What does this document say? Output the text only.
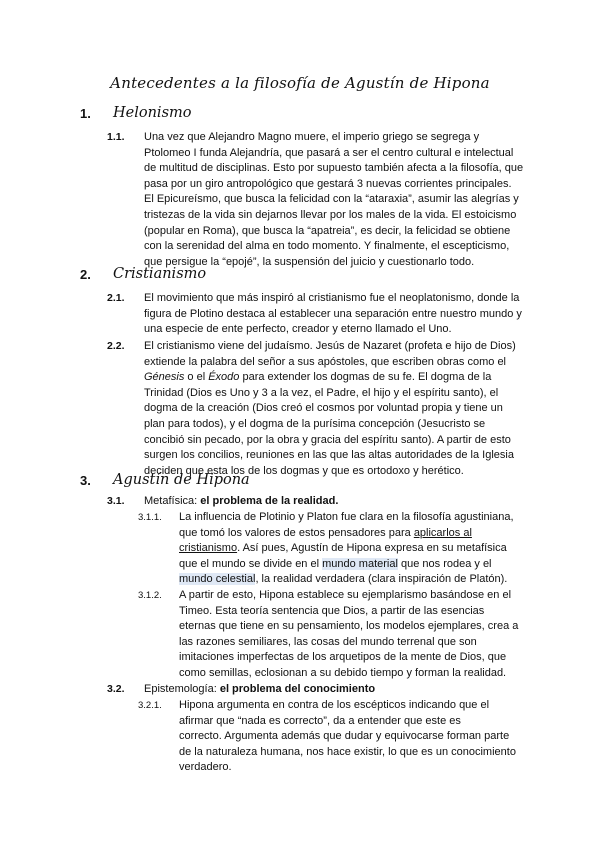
Antecedentes a la filosofía de Agustín de Hipona
1. Helonismo
1.1. Una vez que Alejandro Magno muere, el imperio griego se segrega y
Ptolomeo I funda Alejandría, que pasará a ser el centro cultural e intelectual
de multitud de disciplinas. Esto por supuesto también afecta a la filosofía, que
pasa por un giro antropológico que gestará 3 nuevas corrientes principales.
El Epicureísmo, que busca la felicidad con la “ataraxia”, asumir las alegrías y
tristezas de la vida sin dejarnos llevar por los males de la vida. El estoicismo
(popular en Roma), que busca la “apatreia”, es decir, la felicidad se obtiene
con la serenidad del alma en todo momento. Y finalmente, el escepticismo,
que persigue la “epojé”, la suspensión del juicio y cuestionarlo todo.
2. Cristianismo
2.1. El movimiento que más inspiró al cristianismo fue el neoplatonismo, donde la
figura de Plotino destaca al establecer una separación entre nuestro mundo y
una especie de ente perfecto, creador y eterno llamado el Uno.
2.2. El cristianismo viene del judaísmo. Jesús de Nazaret (profeta e hijo de Dios)
extiende la palabra del señor a sus apóstoles, que escriben obras como el
Génesis o el Éxodo para extender los dogmas de su fe. El dogma de la
Trinidad (Dios es Uno y 3 a la vez, el Padre, el hijo y el espíritu santo), el
dogma de la creación (Dios creó el cosmos por voluntad propia y tiene un
plan para todos), y el dogma de la purísima concepción (Jesucristo se
concibió sin pecado, por la obra y gracia del espíritu santo). A partir de esto
surgen los concilios, reuniones en las que las altas autoridades de la Iglesia
deciden que esta los de los dogmas y que es ortodoxo y herético.
3. Agustín de Hipona
3.1. Metafísica: el problema de la realidad.
3.1.1. La influencia de Plotinio y Platon fue clara en la filosofía agustiniana,
que tomó los valores de estos pensadores para aplicarlos al
cristianismo. Así pues, Agustín de Hipona expresa en su metafísica
que el mundo se divide en el mundo material que nos rodea y el
mundo celestial, la realidad verdadera (clara inspiración de Platón).
3.1.2. A partir de esto, Hipona establece su ejemplarismo basándose en el
Timeo. Esta teoría sentencia que Dios, a partir de las esencias
eternas que tiene en su pensamiento, los modelos ejemplares, crea a
las razones semiliares, las cosas del mundo terrenal que son
imitaciones imperfectas de los arquetipos de la mente de Dios, que
como semillas, eclosionan a su debido tiempo y forman la realidad.
3.2. Epistemología: el problema del conocimiento
3.2.1. Hipona argumenta en contra de los escépticos indicando que el
afirmar que “nada es correcto”, da a entender que este es
correcto. Argumenta además que dudar y equivocarse forman parte
de la naturaleza humana, nos hace existir, lo que es un conocimiento
verdadero.
